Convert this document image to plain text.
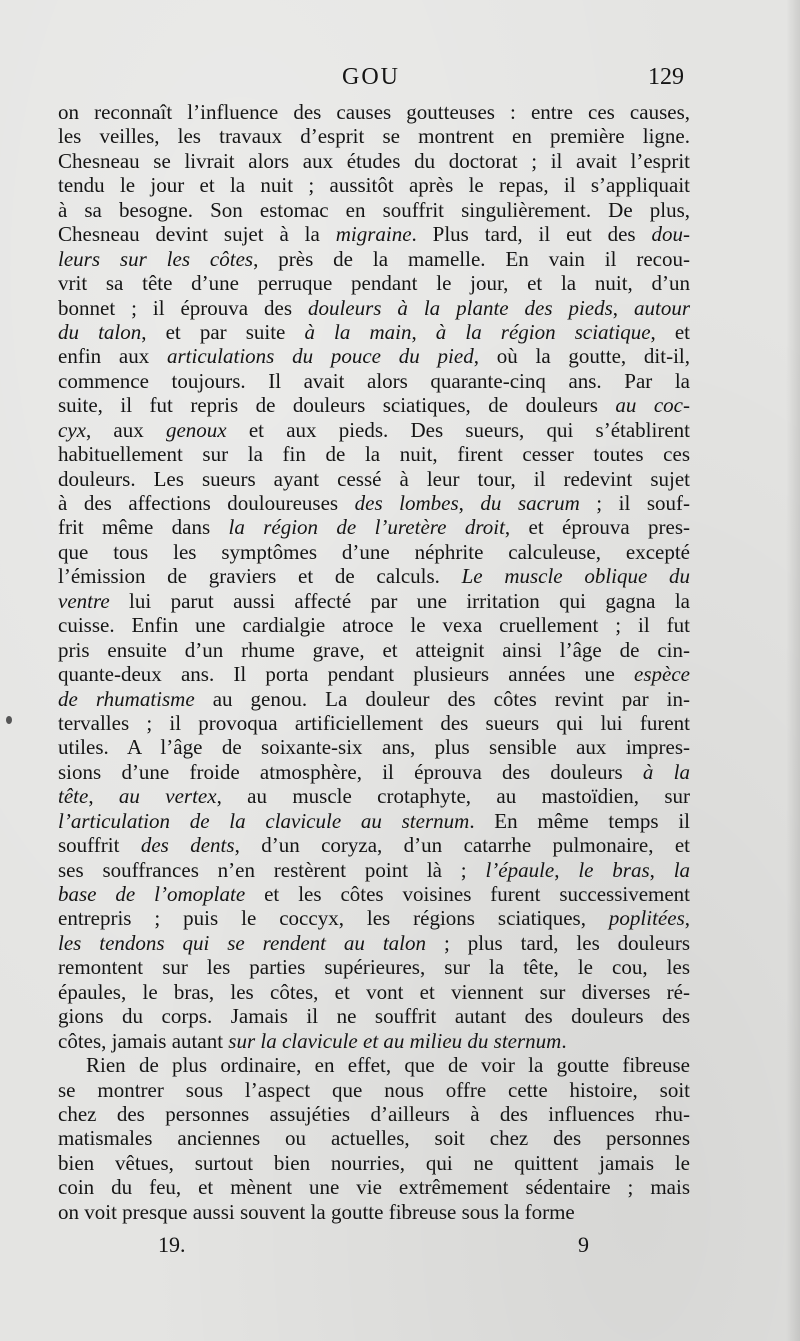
GOU	129
on reconnaît l’influence des causes goutteuses : entre ces causes,
les veilles, les travaux d’esprit se montrent en première ligne.
Chesneau se livrait alors aux études du doctorat ; il avait l’esprit
tendu le jour et la nuit ; aussitôt après le repas, il s’appliquait
à sa besogne. Son estomac en souffrit singulièrement. De plus,
Chesneau devint sujet à la migraine. Plus tard, il eut des dou-
leurs sur les côtes, près de la mamelle. En vain il recou-
vrit sa tête d’une perruque pendant le jour, et la nuit, d’un
bonnet ; il éprouva des douleurs à la plante des pieds, autour
du talon, et par suite à la main, à la région sciatique, et
enfin aux articulations du pouce du pied, où la goutte, dit-il,
commence toujours. Il avait alors quarante-cinq ans. Par la
suite, il fut repris de douleurs sciatiques, de douleurs au coc-
cyx, aux genoux et aux pieds. Des sueurs, qui s’établirent
habituellement sur la fin de la nuit, firent cesser toutes ces
douleurs. Les sueurs ayant cessé à leur tour, il redevint sujet
à des affections douloureuses des lombes, du sacrum ; il souf-
frit même dans la région de l’uretère droit, et éprouva pres-
que tous les symptômes d’une néphrite calculeuse, excepté
l’émission de graviers et de calculs. Le muscle oblique du
ventre lui parut aussi affecté par une irritation qui gagna la
cuisse. Enfin une cardialgie atroce le vexa cruellement ; il fut
pris ensuite d’un rhume grave, et atteignit ainsi l’âge de cin-
quante-deux ans. Il porta pendant plusieurs années une espèce
de rhumatisme au genou. La douleur des côtes revint par in-
tervalles ; il provoqua artificiellement des sueurs qui lui furent
utiles. A l’âge de soixante-six ans, plus sensible aux impres-
sions d’une froide atmosphère, il éprouva des douleurs à la
tête, au vertex, au muscle crotaphyte, au mastoïdien, sur
l’articulation de la clavicule au sternum. En même temps il
souffrit des dents, d’un coryza, d’un catarrhe pulmonaire, et
ses souffrances n’en restèrent point là ; l’épaule, le bras, la
base de l’omoplate et les côtes voisines furent successivement
entrepris ; puis le coccyx, les régions sciatiques, poplitées,
les tendons qui se rendent au talon ; plus tard, les douleurs
remontent sur les parties supérieures, sur la tête, le cou, les
épaules, le bras, les côtes, et vont et viennent sur diverses ré-
gions du corps. Jamais il ne souffrit autant des douleurs des
côtes, jamais autant sur la clavicule et au milieu du sternum.
Rien de plus ordinaire, en effet, que de voir la goutte fibreuse
se montrer sous l’aspect que nous offre cette histoire, soit
chez des personnes assujéties d’ailleurs à des influences rhu-
matismales anciennes ou actuelles, soit chez des personnes
bien vêtues, surtout bien nourries, qui ne quittent jamais le
coin du feu, et mènent une vie extrêmement sédentaire ; mais
on voit presque aussi souvent la goutte fibreuse sous la forme
19.	9
